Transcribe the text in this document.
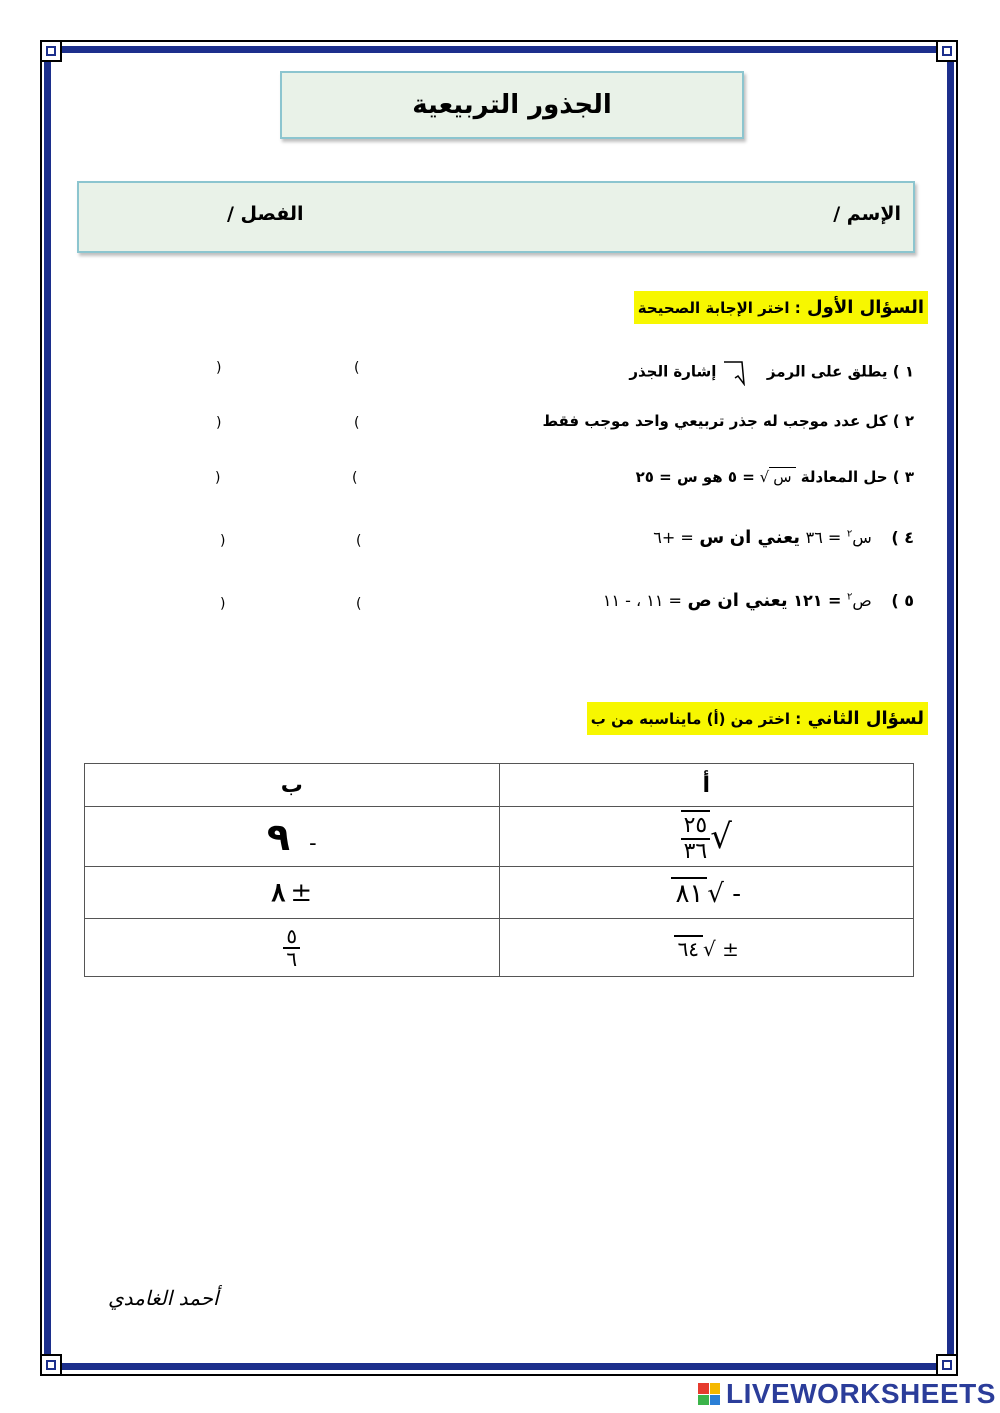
الجذور التربيعية
الإسم /
الفصل /
السؤال الأول : اختر الإجابة الصحيحة
١ ) يطلق على الرمز  إشارة الجذر
(
)
٢ ) كل عدد موجب له جذر تربيعي واحد موجب فقط
(
)
٣ ) حل المعادلة س√ = ٥ هو س = ٢٥
(
)
٤ ) س$^٢$ = ٣٦ يعني ان س = +٦
(
)
٥ ) ص$^٢$ = ١٢١ يعني ان ص = ١١ ، - ١١
(
)
لسؤال الثاني : اختر من (أ) مايناسبه من ب
ب	أ
٩ -	$\frac{٢٥}{٣٦}$ √
٨ ±	٨١ √ -

$\frac{٥}{٦}$	٦٤ √ ±
أحمد الغامدي
LIVEWORKSHEETS
